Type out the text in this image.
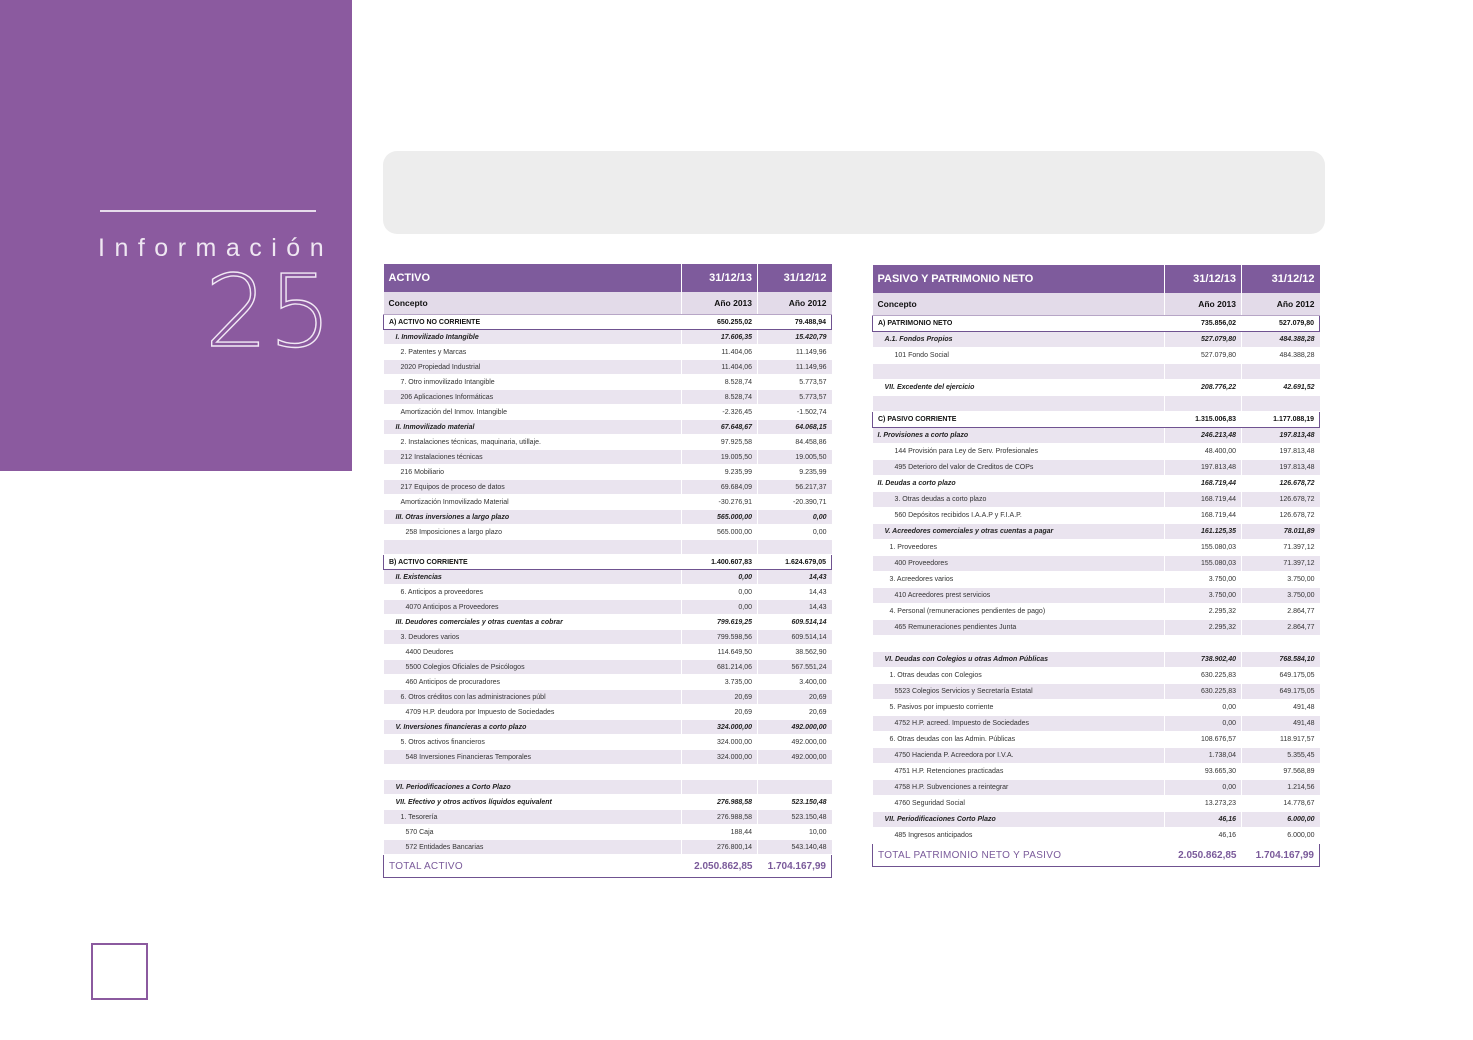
Información
25	ACTIVO	31/12/13	31/12/12
Concepto	Año 2013	Año 2012
A) ACTIVO NO CORRIENTE	650.255,02	79.488,94
I. Inmovilizado Intangible	17.606,35	15.420,79
2. Patentes y Marcas	11.404,06	11.149,96
2020 Propiedad Industrial	11.404,06	11.149,96
7. Otro inmovilizado Intangible	8.528,74	5.773,57
206 Aplicaciones Informáticas	8.528,74	5.773,57
Amortización del Inmov. Intangible	-2.326,45	-1.502,74
II. Inmovilizado material	67.648,67	64.068,15
2. Instalaciones técnicas, maquinaria, utillaje.	97.925,58	84.458,86
212 Instalaciones técnicas	19.005,50	19.005,50
216 Mobiliario	9.235,99	9.235,99
217 Equipos de proceso de datos	69.684,09	56.217,37
Amortización Inmovilizado Material	-30.276,91	-20.390,71
III. Otras inversiones a largo plazo	565.000,00	0,00
258 Imposiciones a largo plazo	565.000,00	0,00

B) ACTIVO CORRIENTE	1.400.607,83	1.624.679,05
II. Existencias	0,00	14,43
6. Anticipos a proveedores	0,00	14,43
4070 Anticipos a Proveedores	0,00	14,43
III. Deudores comerciales y otras cuentas a cobrar	799.619,25	609.514,14
3. Deudores varios	799.598,56	609.514,14
4400 Deudores	114.649,50	38.562,90
5500 Colegios Oficiales de Psicólogos	681.214,06	567.551,24
460 Anticipos de procuradores	3.735,00	3.400,00
6. Otros créditos con las administraciones públ	20,69	20,69
4709 H.P. deudora por Impuesto de Sociedades	20,69	20,69
V. Inversiones financieras a corto plazo	324.000,00	492.000,00
5. Otros activos financieros	324.000,00	492.000,00
548 Inversiones Financieras Temporales	324.000,00	492.000,00

VI. Periodificaciones a Corto Plazo		
VII. Efectivo y otros activos líquidos equivalent	276.988,58	523.150,48
1. Tesorería	276.988,58	523.150,48
570 Caja	188,44	10,00
572 Entidades Bancarias	276.800,14	543.140,48
TOTAL ACTIVO	2.050.862,85	1.704.167,99
PASIVO Y PATRIMONIO NETO	31/12/13	31/12/12
Concepto	Año 2013	Año 2012
A) PATRIMONIO NETO	735.856,02	527.079,80
A.1. Fondos Propios	527.079,80	484.388,28
101 Fondo Social	527.079,80	484.388,28

VII. Excedente del ejercicio	208.776,22	42.691,52

C) PASIVO CORRIENTE	1.315.006,83	1.177.088,19
I. Provisiones a corto plazo	246.213,48	197.813,48
144 Provisión para Ley de Serv. Profesionales	48.400,00	197.813,48
495 Deterioro del valor de Creditos de COPs	197.813,48	197.813,48
II. Deudas a corto plazo	168.719,44	126.678,72
3. Otras deudas a corto plazo	168.719,44	126.678,72
560 Depósitos recibidos I.A.A.P y F.I.A.P.	168.719,44	126.678,72
V. Acreedores comerciales y otras cuentas a pagar	161.125,35	78.011,89
1. Proveedores	155.080,03	71.397,12
400 Proveedores	155.080,03	71.397,12
3. Acreedores varios	3.750,00	3.750,00
410 Acreedores prest servicios	3.750,00	3.750,00
4. Personal (remuneraciones pendientes de pago)	2.295,32	2.864,77
465 Remuneraciones pendientes Junta	2.295,32	2.864,77

VI. Deudas con Colegios u otras Admon Públicas	738.902,40	768.584,10
1. Otras deudas con Colegios	630.225,83	649.175,05
5523 Colegios Servicios y Secretaría Estatal	630.225,83	649.175,05
5. Pasivos por impuesto corriente	0,00	491,48
4752 H.P. acreed. Impuesto de Sociedades	0,00	491,48
6. Otras deudas con las Admin. Públicas	108.676,57	118.917,57
4750 Hacienda P. Acreedora por I.V.A.	1.738,04	5.355,45
4751 H.P. Retenciones practicadas	93.665,30	97.568,89
4758 H.P. Subvenciones a reintegrar	0,00	1.214,56
4760 Seguridad Social	13.273,23	14.778,67
VII. Periodificaciones Corto Plazo	46,16	6.000,00
485 Ingresos anticipados	46,16	6.000,00
TOTAL PATRIMONIO NETO Y PASIVO	2.050.862,85	1.704.167,99
